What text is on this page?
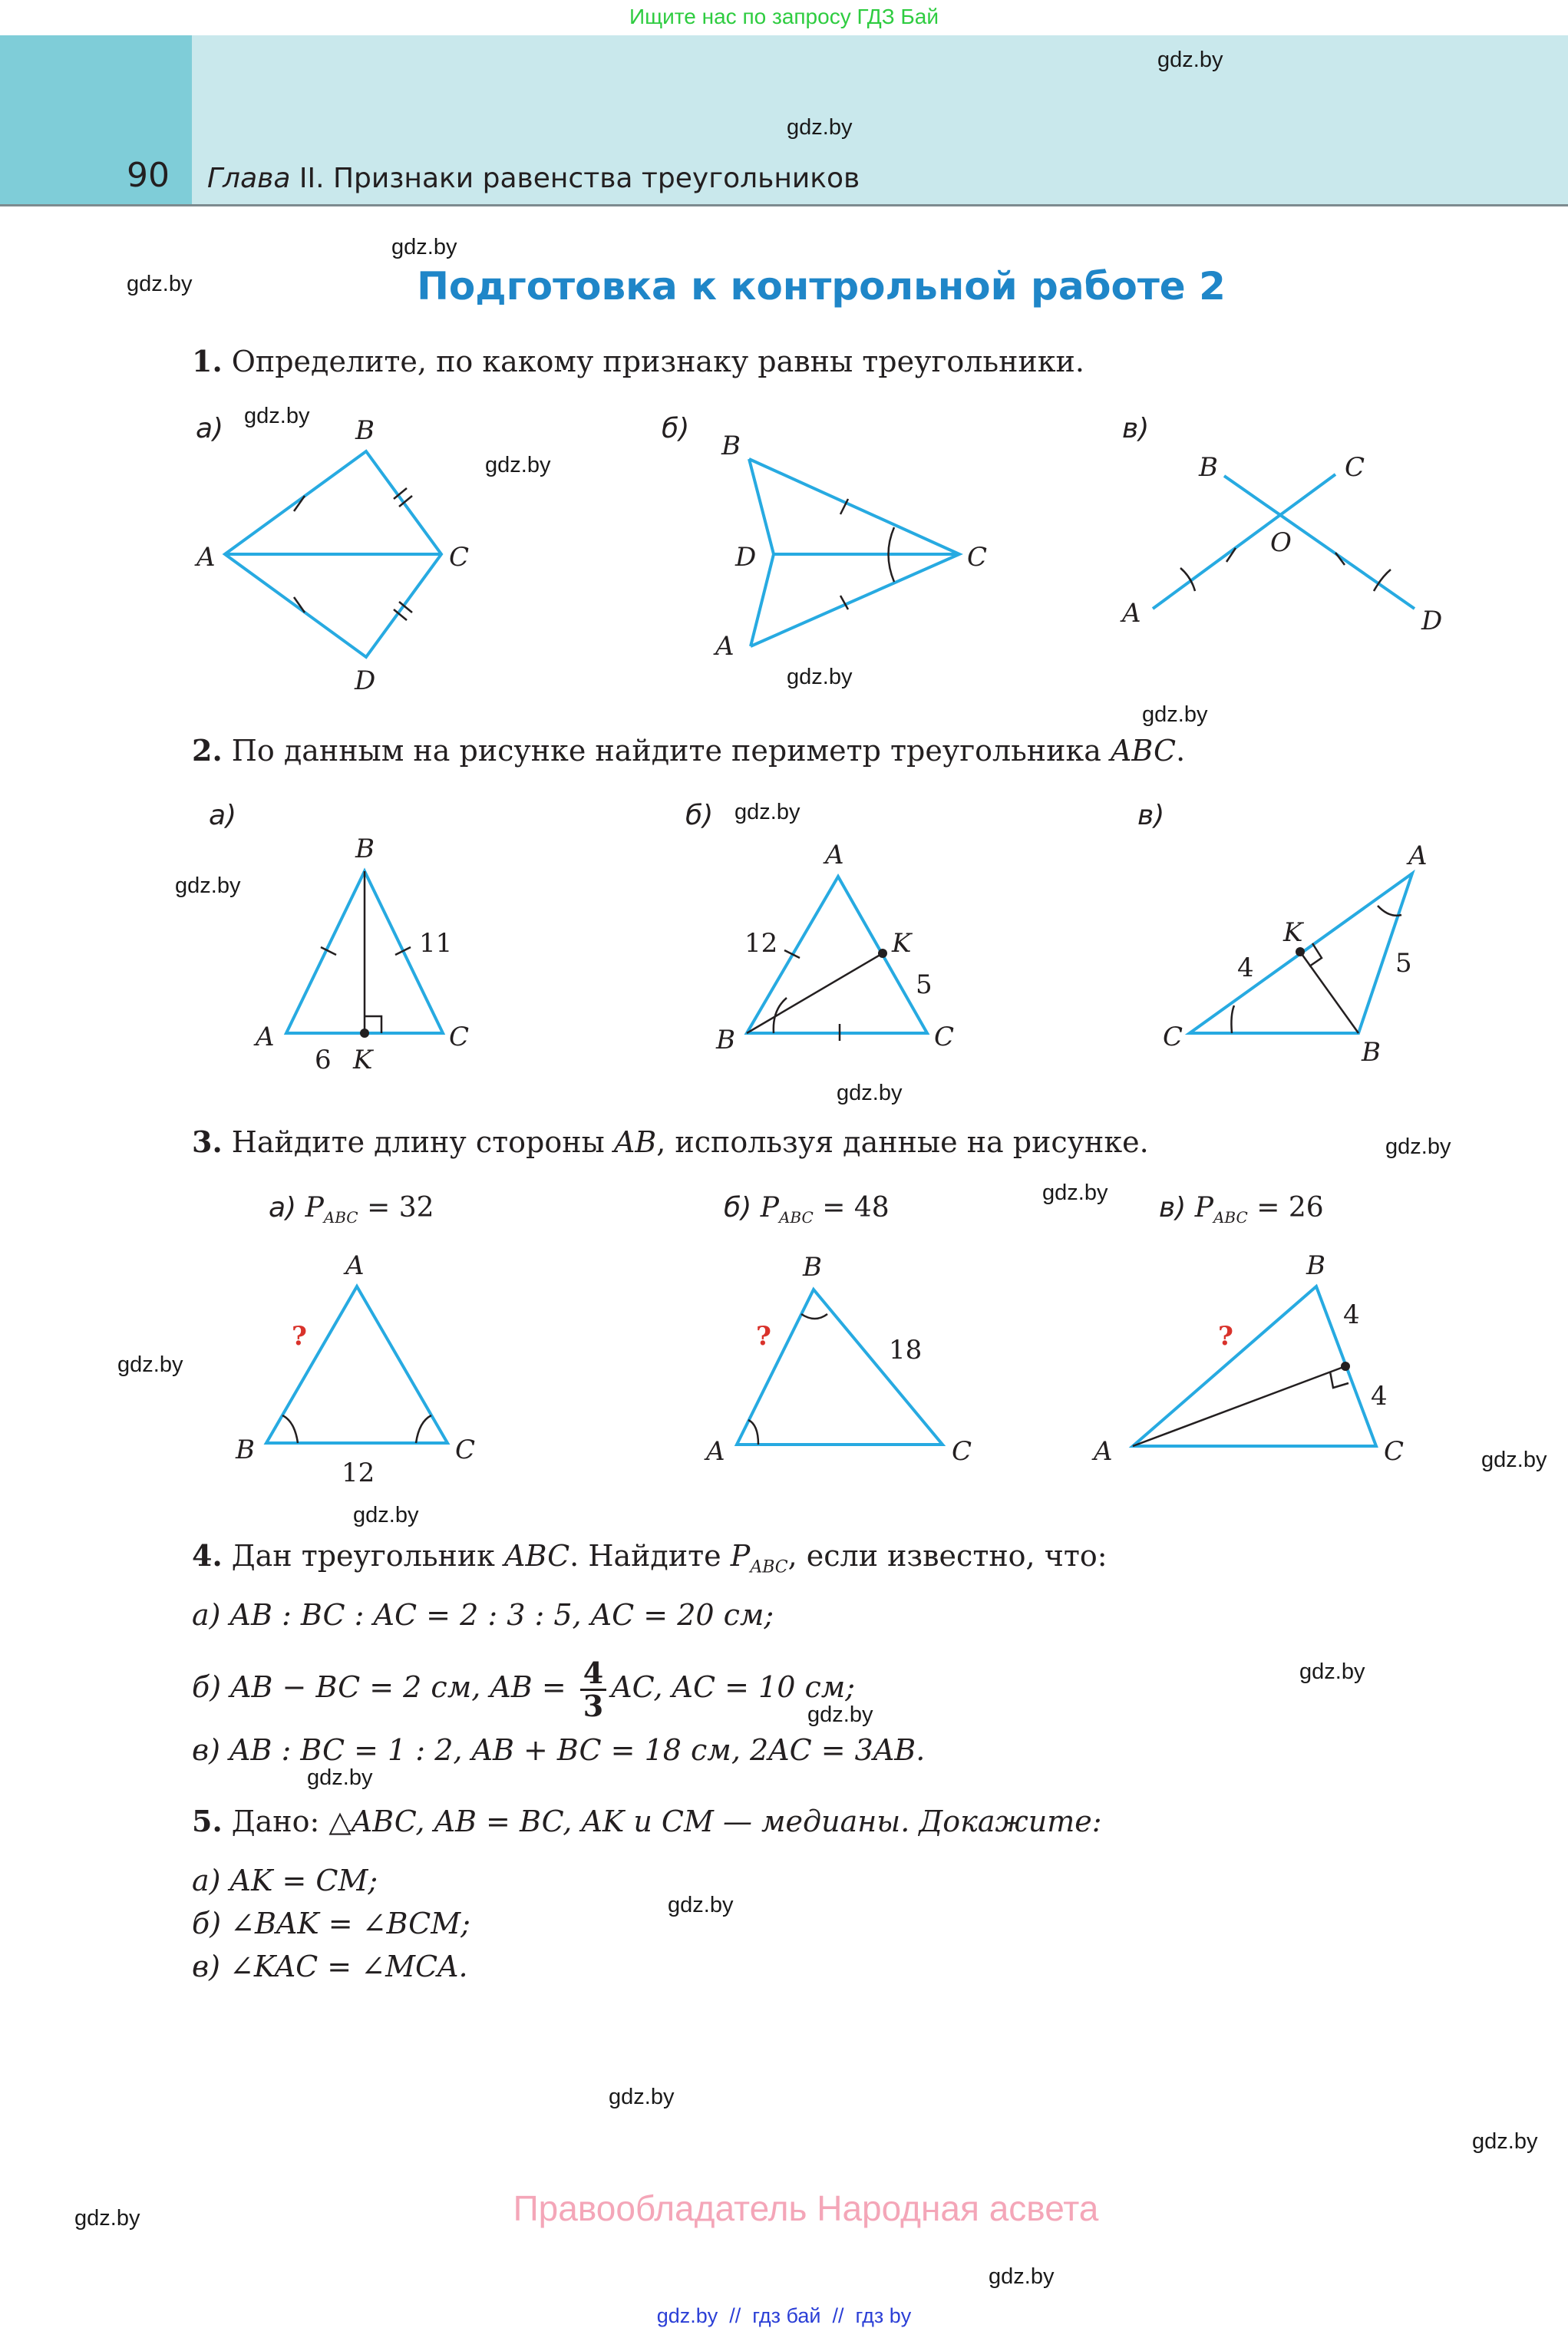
Ищите нас по запросу ГДЗ Бай
90 Глава II. Признаки равенства треугольников
Подготовка к контрольной работе 2
1. Определите, по какому признаку равны треугольники.
а)	б)	в)
A
B
C
D
B
D	C
A
B	C
O
A	D
2. По данным на рисунке найдите периметр треугольника ABC.
а)	б)	в)
B
11
A	C
6 K
A
12	K
5
B	C
A
K
4	5
C	B
3. Найдите длину стороны AB, используя данные на рисунке.
а) $P_{ABC} = 32$	б) $P_{ABC} = 48$	в) $P_{ABC} = 26$
A
?
B	C
12
B
?	18
A	C
B
?
4
4
A	C
4. Дан треугольник ABC. Найдите $P_{ABC}$, если известно, что:
а) AB : BC : AC = 2 : 3 : 5, AC = 20 см;
б) AB − BC = 2 см, AB = $\frac{4}{3}$ AC, AC = 10 см;
в) AB : BC = 1 : 2, AB + BC = 18 см, 2AC = 3AB.
5. Дано: △ABC, AB = BC, AK и CM — медианы. Докажите:
а) AK = CM;
б) ∠BAK = ∠BCM;
в) ∠KAC = ∠MCA.
gdz.by
gdz.by
gdz.by
gdz.by
gdz.by
gdz.by
gdz.by
gdz.by
gdz.by
gdz.by
gdz.by
gdz.by
gdz.by
gdz.by
gdz.by
gdz.by
gdz.by
gdz.by
gdz.by
gdz.by
gdz.by
gdz.by
gdz.by
gdz.by
Правообладатель Народная асвета
gdz.by  //  гдз бай  //  гдз by
